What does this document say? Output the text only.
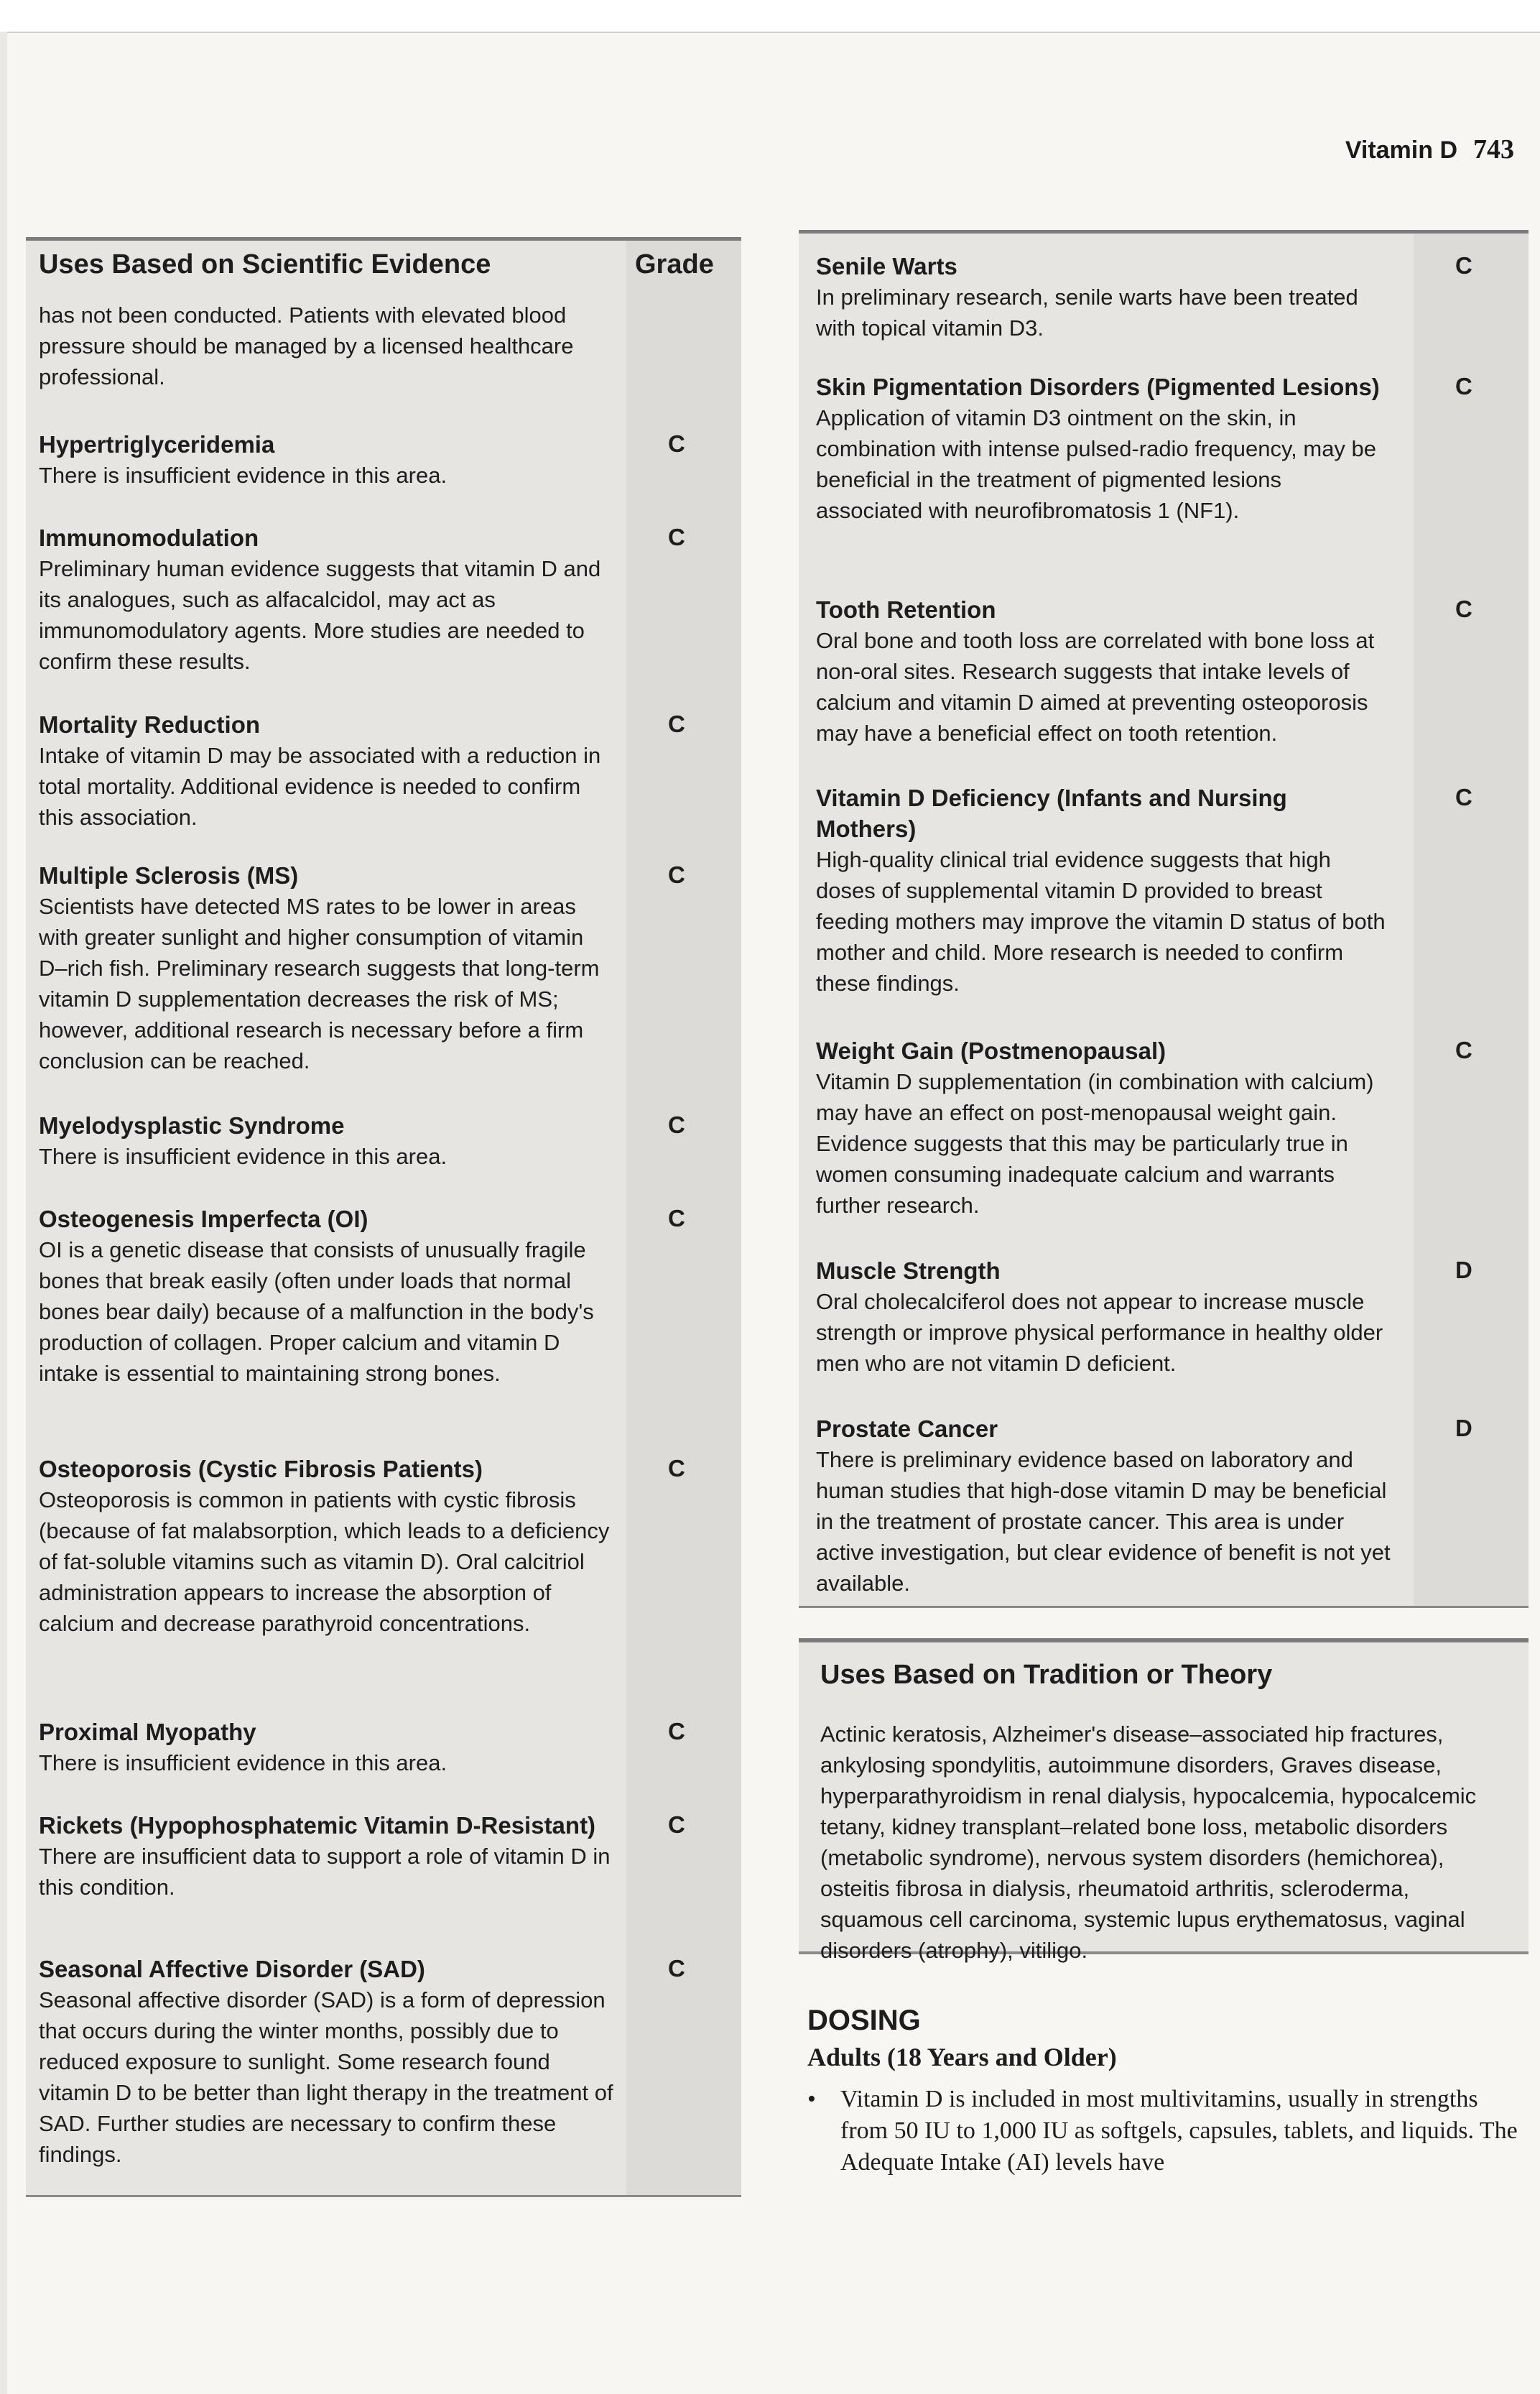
Vitamin D 743
Uses Based on Scientific Evidence	Grade
has not been conducted. Patients with elevated blood pressure should be managed by a licensed healthcare professional.
Hypertriglyceridemia
There is insufficient evidence in this area.
C
Immunomodulation
Preliminary human evidence suggests that vitamin D and its analogues, such as alfacalcidol, may act as immunomodulatory agents. More studies are needed to confirm these results.
C
Mortality Reduction
Intake of vitamin D may be associated with a reduction in total mortality. Additional evidence is needed to confirm this association.
C
Multiple Sclerosis (MS)
Scientists have detected MS rates to be lower in areas with greater sunlight and higher consumption of vitamin D–rich fish. Preliminary research suggests that long-term vitamin D supplementation decreases the risk of MS; however, additional research is necessary before a firm conclusion can be reached.
C
Myelodysplastic Syndrome
There is insufficient evidence in this area.
C
Osteogenesis Imperfecta (OI)
OI is a genetic disease that consists of unusually fragile bones that break easily (often under loads that normal bones bear daily) because of a malfunction in the body's production of collagen. Proper calcium and vitamin D intake is essential to maintaining strong bones.
C
Osteoporosis (Cystic Fibrosis Patients)
Osteoporosis is common in patients with cystic fibrosis (because of fat malabsorption, which leads to a deficiency of fat-soluble vitamins such as vitamin D). Oral calcitriol administration appears to increase the absorption of calcium and decrease parathyroid concentrations.
C
Proximal Myopathy
There is insufficient evidence in this area.
C
Rickets (Hypophosphatemic Vitamin D-Resistant)
There are insufficient data to support a role of vitamin D in this condition.
C
Seasonal Affective Disorder (SAD)
Seasonal affective disorder (SAD) is a form of depression that occurs during the winter months, possibly due to reduced exposure to sunlight. Some research found vitamin D to be better than light therapy in the treatment of SAD. Further studies are necessary to confirm these findings.
C
Senile Warts
In preliminary research, senile warts have been treated with topical vitamin D3.
C
Skin Pigmentation Disorders (Pigmented Lesions)
Application of vitamin D3 ointment on the skin, in combination with intense pulsed-radio frequency, may be beneficial in the treatment of pigmented lesions associated with neurofibromatosis 1 (NF1).
C
Tooth Retention
Oral bone and tooth loss are correlated with bone loss at non-oral sites. Research suggests that intake levels of calcium and vitamin D aimed at preventing osteoporosis may have a beneficial effect on tooth retention.
C
Vitamin D Deficiency (Infants and Nursing Mothers)
High-quality clinical trial evidence suggests that high doses of supplemental vitamin D provided to breast feeding mothers may improve the vitamin D status of both mother and child. More research is needed to confirm these findings.
C
Weight Gain (Postmenopausal)
Vitamin D supplementation (in combination with calcium) may have an effect on post-menopausal weight gain. Evidence suggests that this may be particularly true in women consuming inadequate calcium and warrants further research.
C
Muscle Strength
Oral cholecalciferol does not appear to increase muscle strength or improve physical performance in healthy older men who are not vitamin D deficient.
D
Prostate Cancer
There is preliminary evidence based on laboratory and human studies that high-dose vitamin D may be beneficial in the treatment of prostate cancer. This area is under active investigation, but clear evidence of benefit is not yet available.
D
Uses Based on Tradition or Theory
Actinic keratosis, Alzheimer's disease–associated hip fractures, ankylosing spondylitis, autoimmune disorders, Graves disease, hyperparathyroidism in renal dialysis, hypocalcemia, hypocalcemic tetany, kidney transplant–related bone loss, metabolic disorders (metabolic syndrome), nervous system disorders (hemichorea), osteitis fibrosa in dialysis, rheumatoid arthritis, scleroderma, squamous cell carcinoma, systemic lupus erythematosus, vaginal disorders (atrophy), vitiligo.
DOSING
Adults (18 Years and Older)
• Vitamin D is included in most multivitamins, usually in strengths from 50 IU to 1,000 IU as softgels, capsules, tablets, and liquids. The Adequate Intake (AI) levels have
